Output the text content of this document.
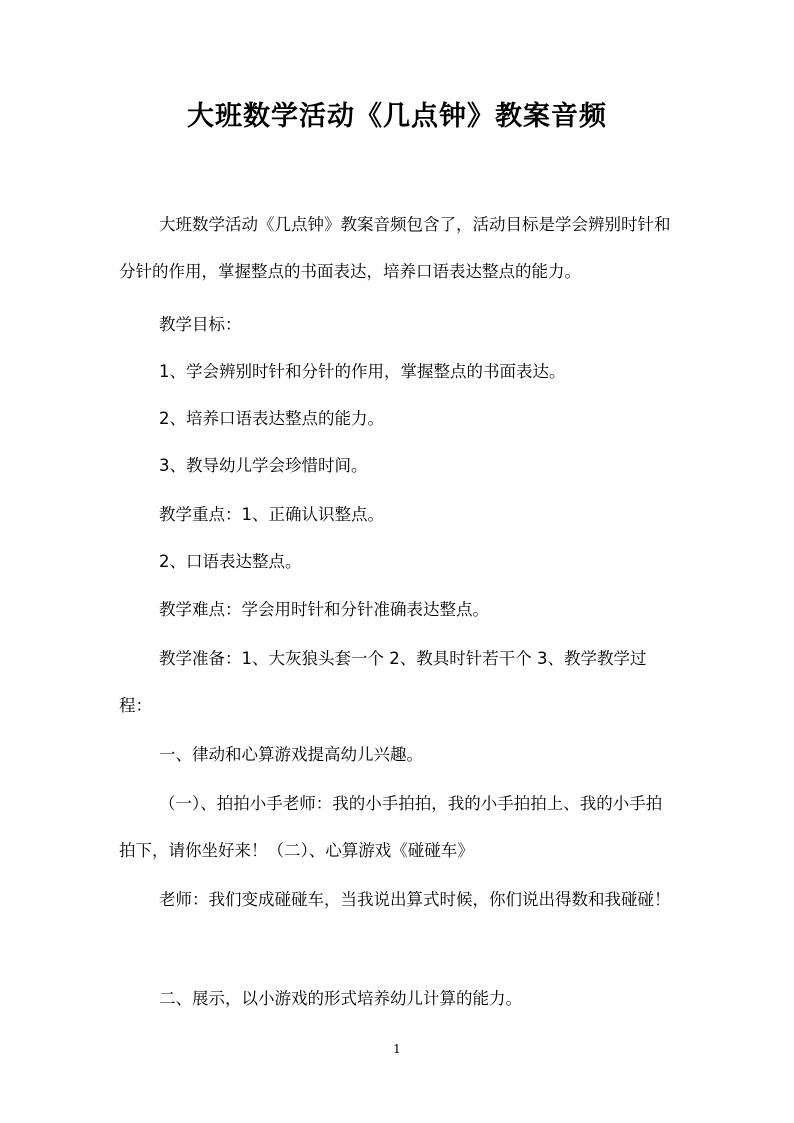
大班数学活动《几点钟》教案音频

大班数学活动《几点钟》教案音频包含了，活动目标是学会辨别时针和分针的作用，掌握整点的书面表达，培养口语表达整点的能力。

教学目标：

1、学会辨别时针和分针的作用，掌握整点的书面表达。

2、培养口语表达整点的能力。

3、教导幼儿学会珍惜时间。

教学重点：1、正确认识整点。

2、口语表达整点。

教学难点：学会用时针和分针准确表达整点。

教学准备：1、大灰狼头套一个 2、教具时针若干个 3、教学教学过程：

一、律动和心算游戏提高幼儿兴趣。

（一）、拍拍小手老师：我的小手拍拍，我的小手拍拍上、我的小手拍拍下，请你坐好来！（二）、心算游戏《碰碰车》

老师：我们变成碰碰车，当我说出算式时候，你们说出得数和我碰碰！

二、展示，以小游戏的形式培养幼儿计算的能力。

1
